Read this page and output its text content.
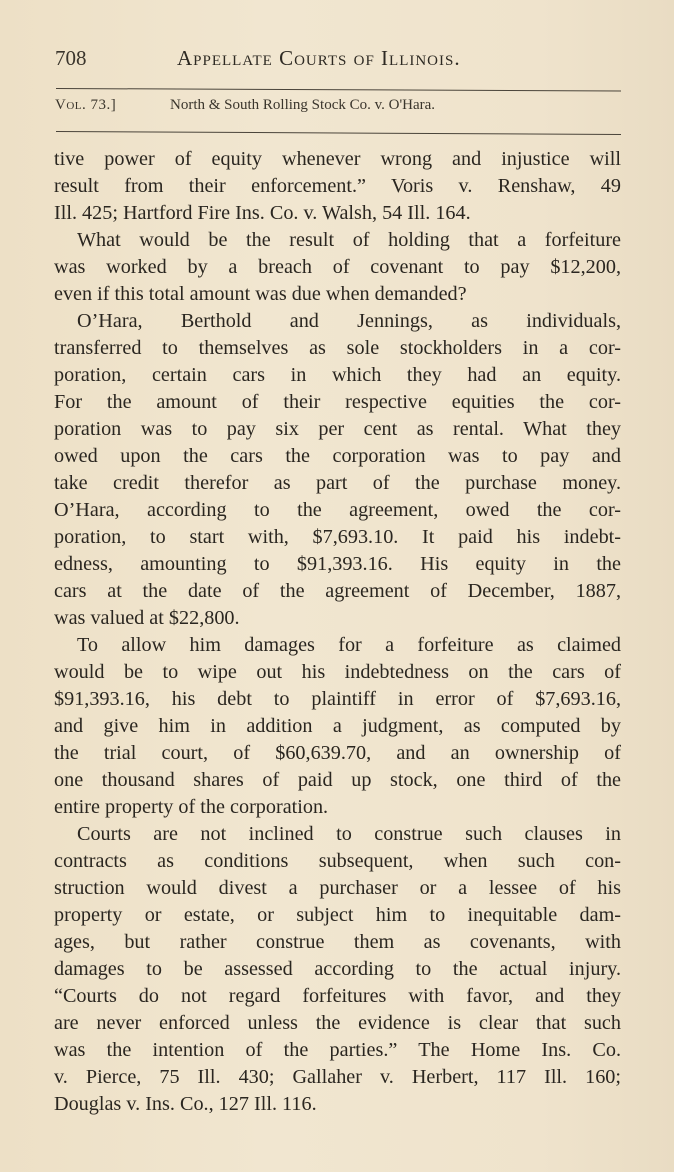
708	Appellate Courts of Illinois.
Vol. 73.]	North & South Rolling Stock Co. v. O'Hara.
tive power of equity whenever wrong and injustice will
result from their enforcement.” Voris v. Renshaw, 49
Ill. 425; Hartford Fire Ins. Co. v. Walsh, 54 Ill. 164.
What would be the result of holding that a forfeiture
was worked by a breach of covenant to pay $12,200,
even if this total amount was due when demanded?
O’Hara, Berthold and Jennings, as individuals,
transferred to themselves as sole stockholders in a cor-
poration, certain cars in which they had an equity.
For the amount of their respective equities the cor-
poration was to pay six per cent as rental. What they
owed upon the cars the corporation was to pay and
take credit therefor as part of the purchase money.
O’Hara, according to the agreement, owed the cor-
poration, to start with, $7,693.10. It paid his indebt-
edness, amounting to $91,393.16. His equity in the
cars at the date of the agreement of December, 1887,
was valued at $22,800.
To allow him damages for a forfeiture as claimed
would be to wipe out his indebtedness on the cars of
$91,393.16, his debt to plaintiff in error of $7,693.16,
and give him in addition a judgment, as computed by
the trial court, of $60,639.70, and an ownership of
one thousand shares of paid up stock, one third of the
entire property of the corporation.
Courts are not inclined to construe such clauses in
contracts as conditions subsequent, when such con-
struction would divest a purchaser or a lessee of his
property or estate, or subject him to inequitable dam-
ages, but rather construe them as covenants, with
damages to be assessed according to the actual injury.
“Courts do not regard forfeitures with favor, and they
are never enforced unless the evidence is clear that such
was the intention of the parties.” The Home Ins. Co.
v. Pierce, 75 Ill. 430; Gallaher v. Herbert, 117 Ill. 160;
Douglas v. Ins. Co., 127 Ill. 116.
